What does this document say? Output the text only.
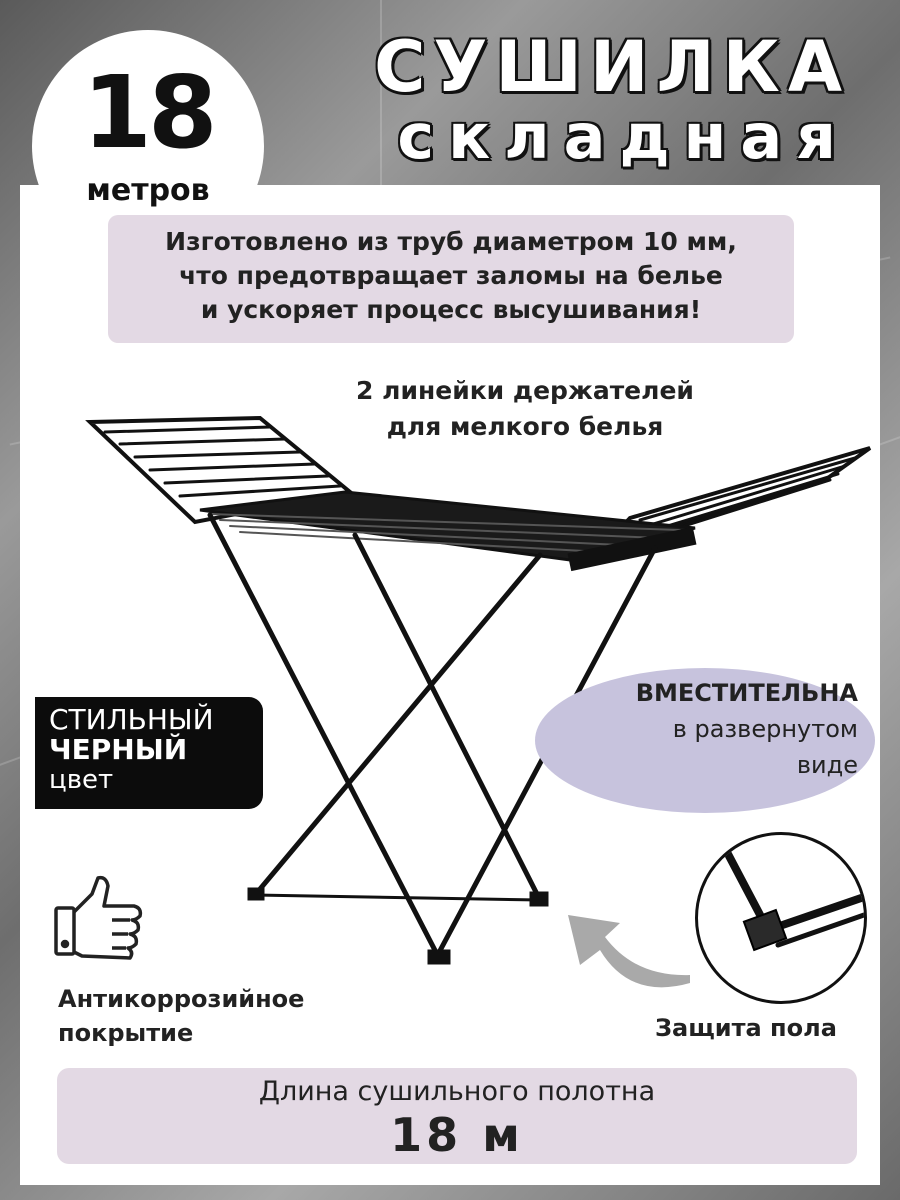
18
метров
СУШИЛКА
складная
Изготовлено из труб диаметром 10 мм,
что предотвращает заломы на белье
и ускоряет процесс высушивания!
2 линейки держателей
для мелкого белья
СТИЛЬНЫЙ
ЧЕРНЫЙ
цвет
ВМЕСТИТЕЛЬНА
в развернутом
виде
Антикоррозийное
покрытие	Защита пола
Длина сушильного полотна
18 м
